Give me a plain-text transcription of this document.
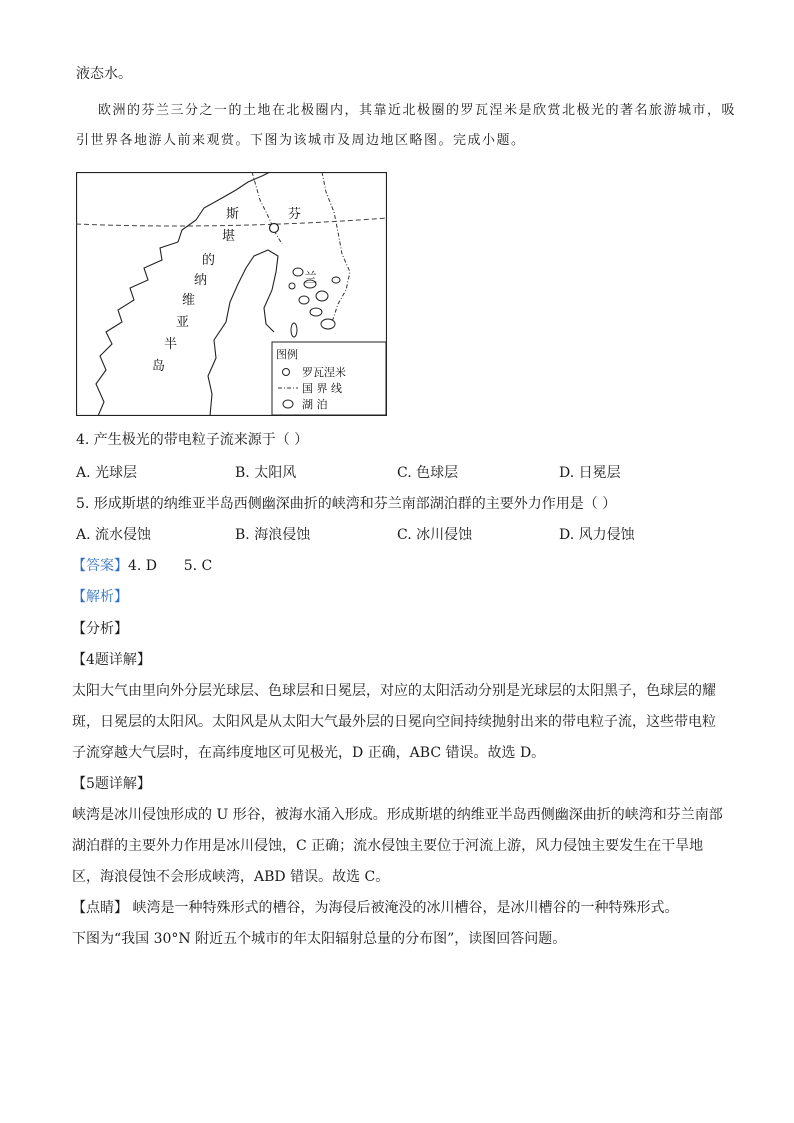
液态水。
欧洲的芬兰三分之一的土地在北极圈内，其靠近北极圈的罗瓦涅米是欣赏北极光的著名旅游城市，吸
引世界各地游人前来观赏。下图为该城市及周边地区略图。完成小题。
斯
堪
的
纳
维
亚
半
岛
芬
兰
图例
罗瓦涅米
国 界 线
湖 泊
4. 产生极光的带电粒子流来源于（ ）
A. 光球层	B. 太阳风	C. 色球层	D. 日冕层
5. 形成斯堪的纳维亚半岛西侧幽深曲折的峡湾和芬兰南部湖泊群的主要外力作用是（ ）
A. 流水侵蚀	B. 海浪侵蚀	C. 冰川侵蚀	D. 风力侵蚀
【答案】4. D      5. C
【解析】
【分析】
【4题详解】
太阳大气由里向外分层光球层、色球层和日冕层，对应的太阳活动分别是光球层的太阳黑子，色球层的耀
斑，日冕层的太阳风。太阳风是从太阳大气最外层的日冕向空间持续抛射出来的带电粒子流，这些带电粒
子流穿越大气层时，在高纬度地区可见极光，D 正确，ABC 错误。故选 D。
【5题详解】
峡湾是冰川侵蚀形成的 U 形谷，被海水涌入形成。形成斯堪的纳维亚半岛西侧幽深曲折的峡湾和芬兰南部
湖泊群的主要外力作用是冰川侵蚀，C 正确；流水侵蚀主要位于河流上游，风力侵蚀主要发生在干旱地
区，海浪侵蚀不会形成峡湾，ABD 错误。故选 C。
【点睛】 峡湾是一种特殊形式的槽谷，为海侵后被淹没的冰川槽谷，是冰川槽谷的一种特殊形式。
下图为“我国 30°N 附近五个城市的年太阳辐射总量的分布图”，读图回答问题。
